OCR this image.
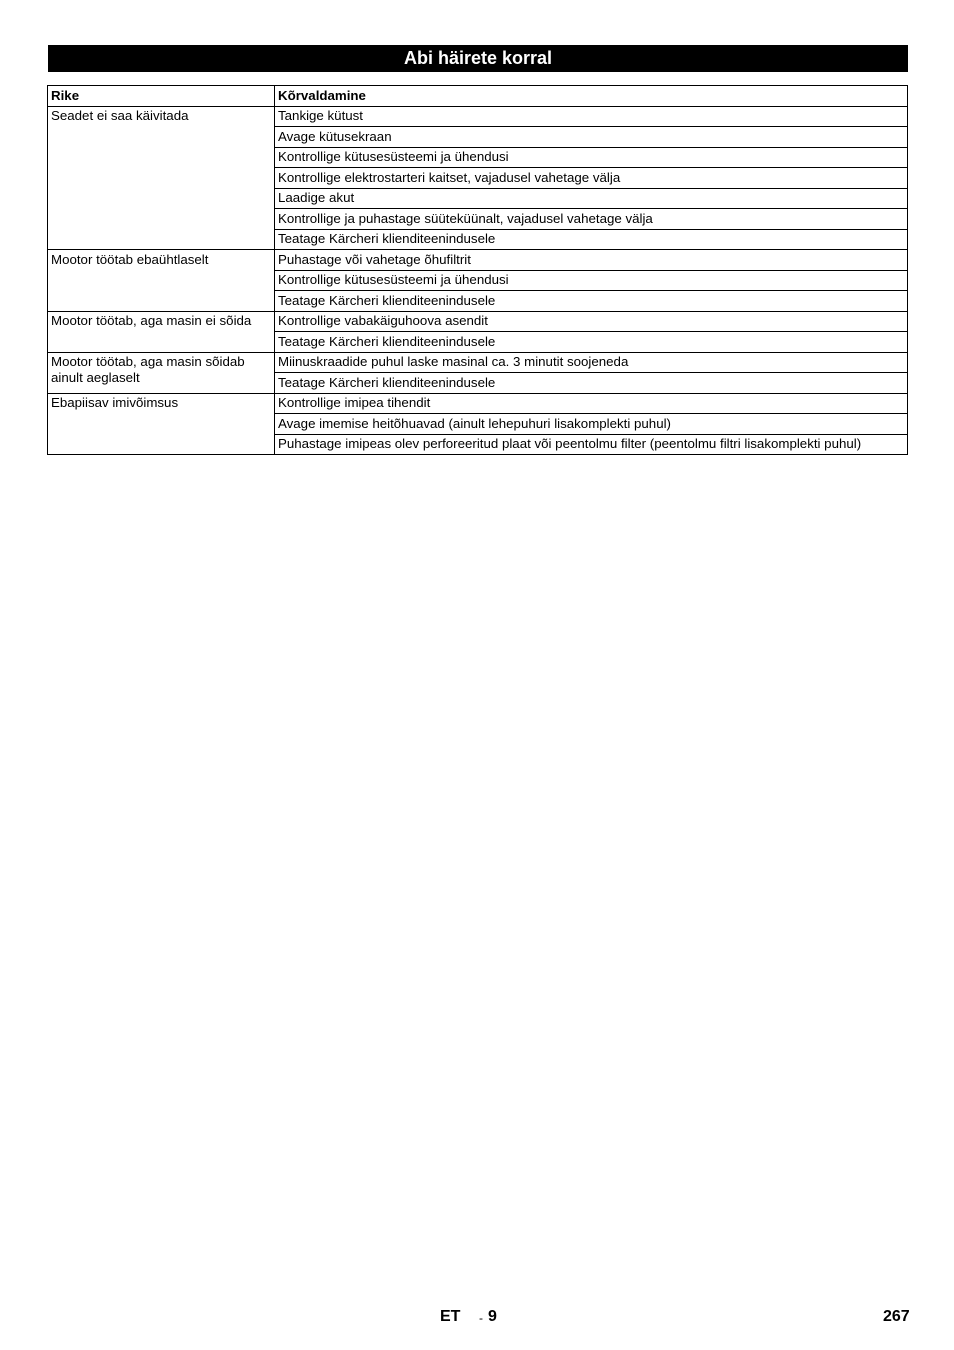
Abi häirete korral
Rike	Kõrvaldamine
Seadet ei saa käivitada	Tankige kütust
	Avage kütusekraan
	Kontrollige kütusesüsteemi ja ühendusi
	Kontrollige elektrostarteri kaitset, vajadusel vahetage välja
	Laadige akut
	Kontrollige ja puhastage süüteküünalt, vajadusel vahetage välja
	Teatage Kärcheri klienditeenindusele
Mootor töötab ebaühtlaselt	Puhastage või vahetage õhufiltrit
	Kontrollige kütusesüsteemi ja ühendusi
	Teatage Kärcheri klienditeenindusele
Mootor töötab, aga masin ei sõida	Kontrollige vabakäiguhoova asendit
	Teatage Kärcheri klienditeenindusele
Mootor töötab, aga masin sõidab ainult aeglaselt	Miinuskraadide puhul laske masinal ca. 3 minutit soojeneda
	Teatage Kärcheri klienditeenindusele
Ebapiisav imivõimsus	Kontrollige imipea tihendit
	Avage imemise heitõhuavad (ainult lehepuhuri lisakomplekti puhul)
	Puhastage imipeas olev perforeeritud plaat või peentolmu filter (peentolmu filtri lisakomplekti puhul)
ET - 9	267
